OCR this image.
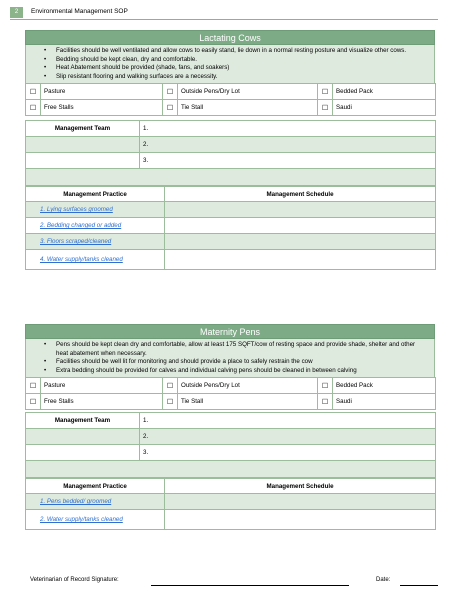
2	Environmental Management SOP
Lactating Cows
• Facilities should be well ventilated and allow cows to easily stand, lie down in a normal resting posture and visualize other cows.
• Bedding should be kept clean, dry and comfortable.
• Heat Abatement should be provided (shade, fans, and soakers)
• Slip resistant flooring and walking surfaces are a necessity.
☐	Pasture	☐	Outside Pens/Dry Lot	☐	Bedded Pack
☐	Free Stalls	☐	Tie Stall	☐	Saudi
Management Team	1.
	2.
	3.

Management Practice	Management Schedule
1. Lying surfaces groomed	
2. Bedding changed or added	
3. Floors scraped/cleaned	
4. Water supply/tanks cleaned	
Maternity Pens
• Pens should be kept clean dry and comfortable, allow at least 175 SQFT/cow of resting space and provide shade, shelter and other heat abatement when necessary.
• Facilities should be well lit for monitoring and should provide a place to safely restrain the cow
• Extra bedding should be provided for calves and individual calving pens should be cleaned in between calving
☐	Pasture	☐	Outside Pens/Dry Lot	☐	Bedded Pack
☐	Free Stalls	☐	Tie Stall	☐	Saudi
Management Team	1.
	2.
	3.

Management Practice	Management Schedule
1. Pens bedded/ groomed	
2. Water supply/tanks cleaned	
Veterinarian of Record Signature:	Date:
